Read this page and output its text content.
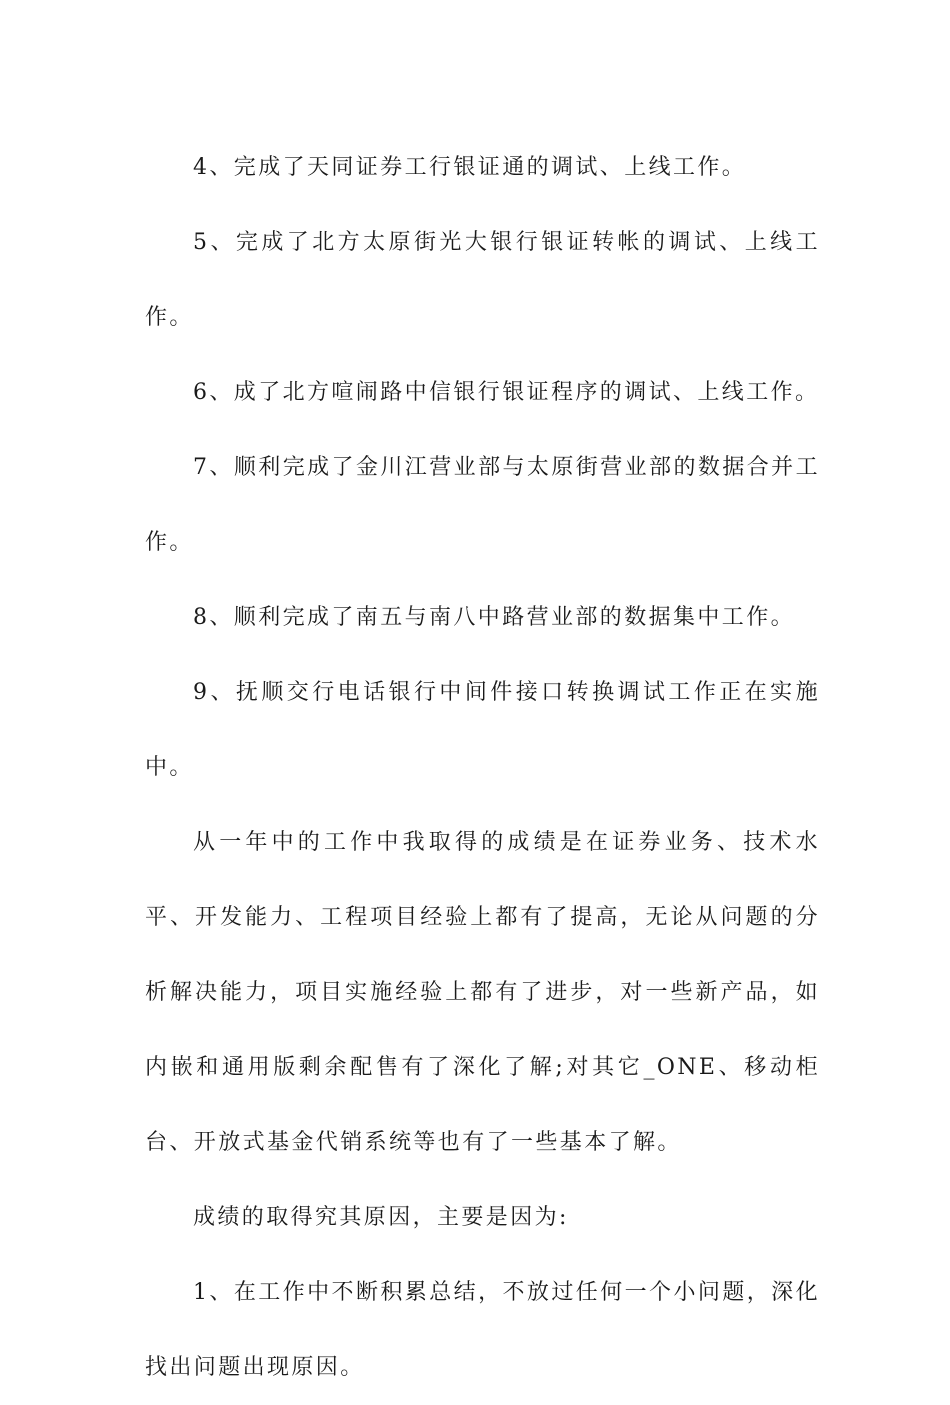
4、完成了天同证券工行银证通的调试、上线工作。

5、完成了北方太原街光大银行银证转帐的调试、上线工作。

6、成了北方喧闹路中信银行银证程序的调试、上线工作。

7、顺利完成了金川江营业部与太原街营业部的数据合并工作。

8、顺利完成了南五与南八中路营业部的数据集中工作。

9、抚顺交行电话银行中间件接口转换调试工作正在实施中。

从一年中的工作中我取得的成绩是在证券业务、技术水平、开发能力、工程项目经验上都有了提高，无论从问题的分析解决能力，项目实施经验上都有了进步，对一些新产品，如内嵌和通用版剩余配售有了深化了解;对其它_ONE、移动柜台、开放式基金代销系统等也有了一些基本了解。

成绩的取得究其原因，主要是因为:

1、在工作中不断积累总结，不放过任何一个小问题，深化找出问题出现原因。
